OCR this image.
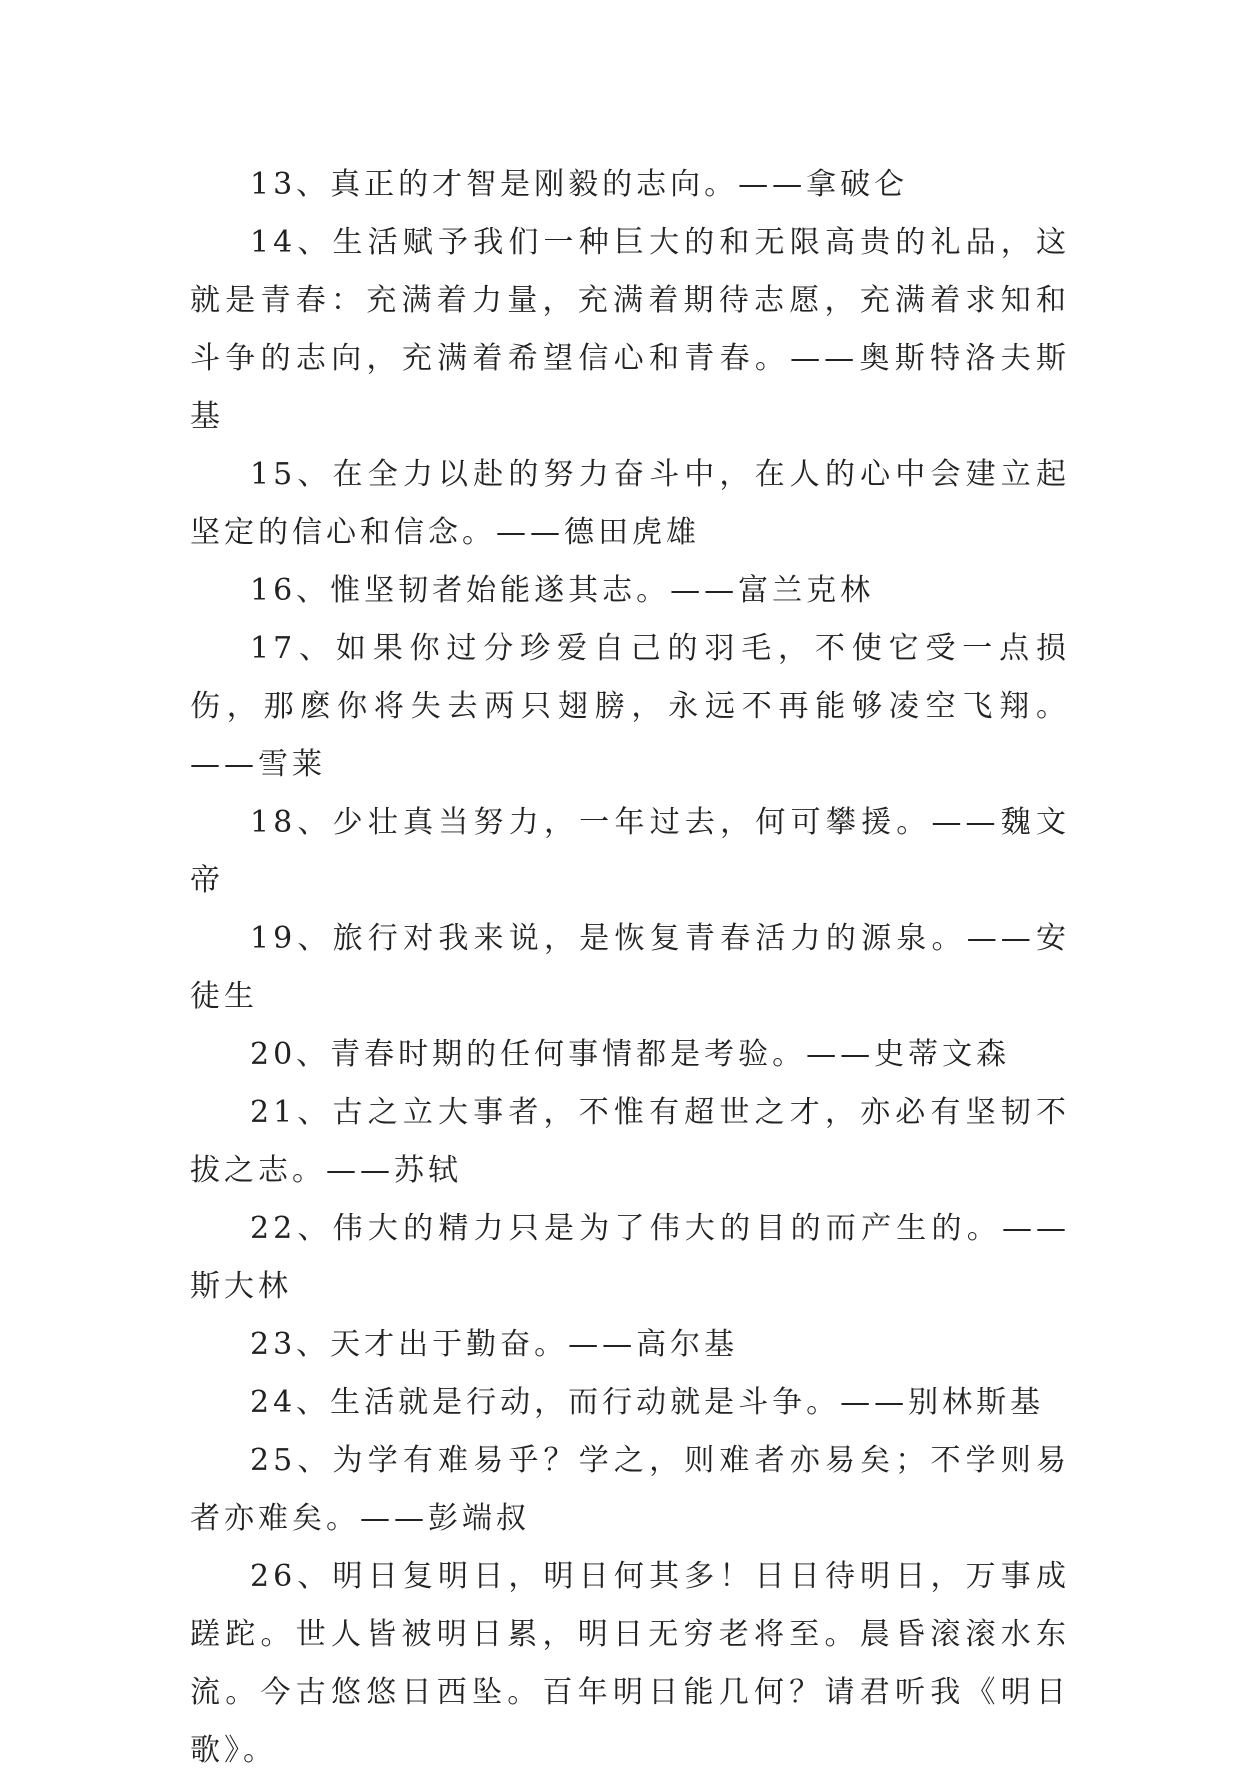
13、真正的才智是刚毅的志向。——拿破仑

14、生活赋予我们一种巨大的和无限高贵的礼品，这就是青春：充满着力量，充满着期待志愿，充满着求知和斗争的志向，充满着希望信心和青春。——奥斯特洛夫斯基

15、在全力以赴的努力奋斗中，在人的心中会建立起坚定的信心和信念。——德田虎雄

16、惟坚韧者始能遂其志。——富兰克林

17、如果你过分珍爱自己的羽毛，不使它受一点损伤，那麽你将失去两只翅膀，永远不再能够凌空飞翔。——雪莱

18、少壮真当努力，一年过去，何可攀援。——魏文帝

19、旅行对我来说，是恢复青春活力的源泉。——安徒生

20、青春时期的任何事情都是考验。——史蒂文森

21、古之立大事者，不惟有超世之才，亦必有坚韧不拔之志。——苏轼

22、伟大的精力只是为了伟大的目的而产生的。——斯大林

23、天才出于勤奋。——高尔基

24、生活就是行动，而行动就是斗争。——别林斯基

25、为学有难易乎？学之，则难者亦易矣；不学则易者亦难矣。——彭端叔

26、明日复明日，明日何其多！日日待明日，万事成蹉跎。世人皆被明日累，明日无穷老将至。晨昏滚滚水东流。今古悠悠日西坠。百年明日能几何？请君听我《明日歌》。
